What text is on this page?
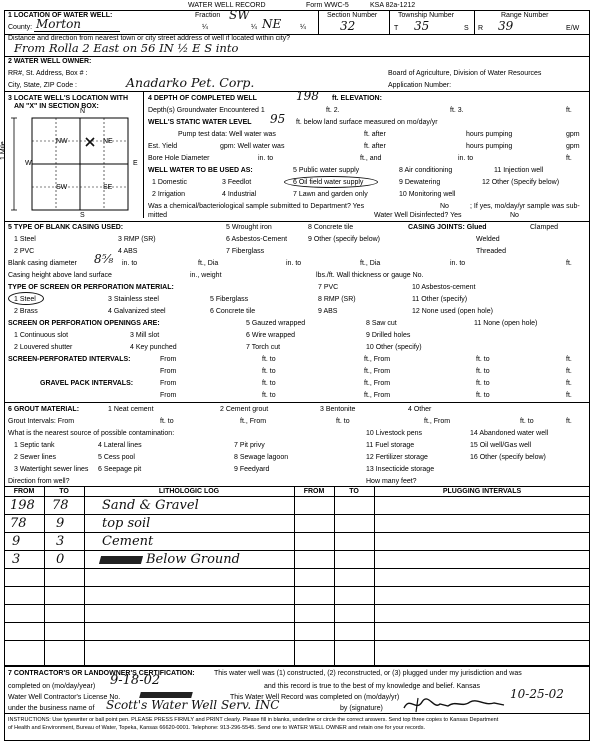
WATER WELL RECORD	Form WWC-5	KSA 82a-1212
1 LOCATION OF WATER WELL:
County: Morton
Fraction SW
¼	¼ NE	¼
Section Number
32
Township Number
T 35	S
Range Number
R 39	E/W
Distance and direction from nearest town or city street address of well if located within city?
From Rolla 2 East on 56 IN ½ E S into
2 WATER WELL OWNER:
RR#, St. Address, Box # :
Anadarko Pet. Corp.
City, State, ZIP Code :
Board of Agriculture, Division of Water Resources
Application Number:
3 LOCATE WELL'S LOCATION WITH
AN "X" IN SECTION BOX:
N
S
E
W
NW	NE
SW	SE
1 Mile
4 DEPTH OF COMPLETED WELL	198 ft. ELEVATION:
Depth(s) Groundwater Encountered 1	ft. 2.	ft. 3.	ft.
WELL'S STATIC WATER LEVEL 95 ft. below land surface measured on mo/day/yr
Pump test data: Well water was	ft. after	hours pumping	gpm
Est. Yield	gpm: Well water was	ft. after	hours pumping	gpm
Bore Hole Diameter	in. to	ft., and	in. to	ft.
WELL WATER TO BE USED AS:	5 Public water supply	8 Air conditioning	11 Injection well
1 Domestic	3 Feedlot	6 Oil field water supply	9 Dewatering	12 Other (Specify below)
2 Irrigation	4 Industrial	7 Lawn and garden only	10 Monitoring well
Was a chemical/bacteriological sample submitted to Department? Yes	No	; If yes, mo/day/yr sample was sub-
mitted	Water Well Disinfected? Yes	No
5 TYPE OF BLANK CASING USED:	5 Wrought iron	8 Concrete tile	CASING JOINTS: Glued	Clamped
1 Steel	3 RMP (SR)	6 Asbestos-Cement	9 Other (specify below)	Welded
2 PVC	4 ABS	7 Fiberglass	Threaded
Blank casing diameter 8⅝ in. to	ft., Dia	in. to	ft., Dia	in. to	ft.
Casing height above land surface	in., weight	lbs./ft. Wall thickness or gauge No.
TYPE OF SCREEN OR PERFORATION MATERIAL:	7 PVC	10 Asbestos-cement
1 Steel	3 Stainless steel	5 Fiberglass	8 RMP (SR)	11 Other (specify)
2 Brass	4 Galvanized steel	6 Concrete tile	9 ABS	12 None used (open hole)
SCREEN OR PERFORATION OPENINGS ARE:	5 Gauzed wrapped	8 Saw cut	11 None (open hole)
1 Continuous slot	3 Mill slot	6 Wire wrapped	9 Drilled holes
2 Louvered shutter	4 Key punched	7 Torch cut	10 Other (specify)
SCREEN-PERFORATED INTERVALS:	From	ft. to	ft., From	ft. to	ft.
From	ft. to	ft., From	ft. to	ft.
GRAVEL PACK INTERVALS:	From	ft. to	ft., From	ft. to	ft.
From	ft. to	ft., From	ft. to	ft.
6 GROUT MATERIAL:	1 Neat cement	2 Cement grout	3 Bentonite	4 Other
Grout Intervals: From	ft. to	ft., From	ft. to	ft., From	ft. to	ft.
What is the nearest source of possible contamination:	10 Livestock pens	14 Abandoned water well
1 Septic tank	4 Lateral lines	7 Pit privy	11 Fuel storage	15 Oil well/Gas well
2 Sewer lines	5 Cess pool	8 Sewage lagoon	12 Fertilizer storage	16 Other (specify below)
3 Watertight sewer lines 6 Seepage pit	9 Feedyard	13 Insecticide storage
Direction from well?	How many feet?
FROM	TO	LITHOLOGIC LOG	FROM	TO	PLUGGING INTERVALS
198 78	Sand & Gravel
78 9	top soil
9	3	Cement
3	0	Below Ground
7 CONTRACTOR'S OR LANDOWNER'S CERTIFICATION:	This water well was (1) constructed, (2) reconstructed, or (3) plugged under my jurisdiction and was
completed on (mo/day/year) 9-18-02	and this record is true to the best of my knowledge and belief. Kansas
Water Well Contractor's License No.	This Water Well Record was completed on (mo/day/yr)	10-25-02
under the business name of Scott's Water Well Serv. INC	by (signature)
INSTRUCTIONS: Use typewriter or ball point pen. PLEASE PRESS FIRMLY and PRINT clearly. Please fill in blanks, underline or circle the correct answers. Send top three copies to Kansas Department
of Health and Environment, Bureau of Water, Topeka, Kansas 66620-0001. Telephone: 913-296-5545. Send one to WATER WELL OWNER and retain one for your records.
